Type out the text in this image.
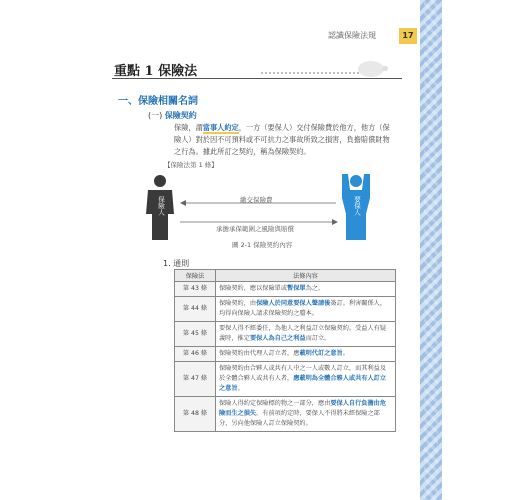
認識保險法規	17
重點 1 保險法
一、保險相關名詞
(一) 保險契約
保險，謂當事人約定，一方（要保人）交付保險費於他方，他方（保險人）對於因不可預料或不可抗力之事故所致之損害，負擔賠償財物之行為。據此所訂之契約，稱為保險契約。
【保險法第 1 條】
保險人	要保人
繳交保險費
承擔承保範圍之風險與賠償
圖 2-1 保險契約內容
1. 通則
保險法	法條內容
第 43 條	保險契約，應以保險單或暫保單為之。
第 44 條	保險契約，由保險人於同意要保人聲請後簽訂。利害關係人，均得向保險人請求保險契約之謄本。
第 45 條	要保人得不經委任，為他人之利益訂立保險契約。受益人有疑義時，推定要保人為自己之利益而訂立。
第 46 條	保險契約由代理人訂立者，應載明代訂之意旨。
第 47 條	保險契約由合夥人或共有人中之一人或數人訂立，而其利益及於全體合夥人或共有人者，應載明為全體合夥人或共有人訂立之意旨。
第 48 條	保險人得約定保險標的物之一部分，應由要保人自行負擔由危險而生之損失。有前項約定時，要保人不得將未經保險之部分，另向他保險人訂立保險契約。
